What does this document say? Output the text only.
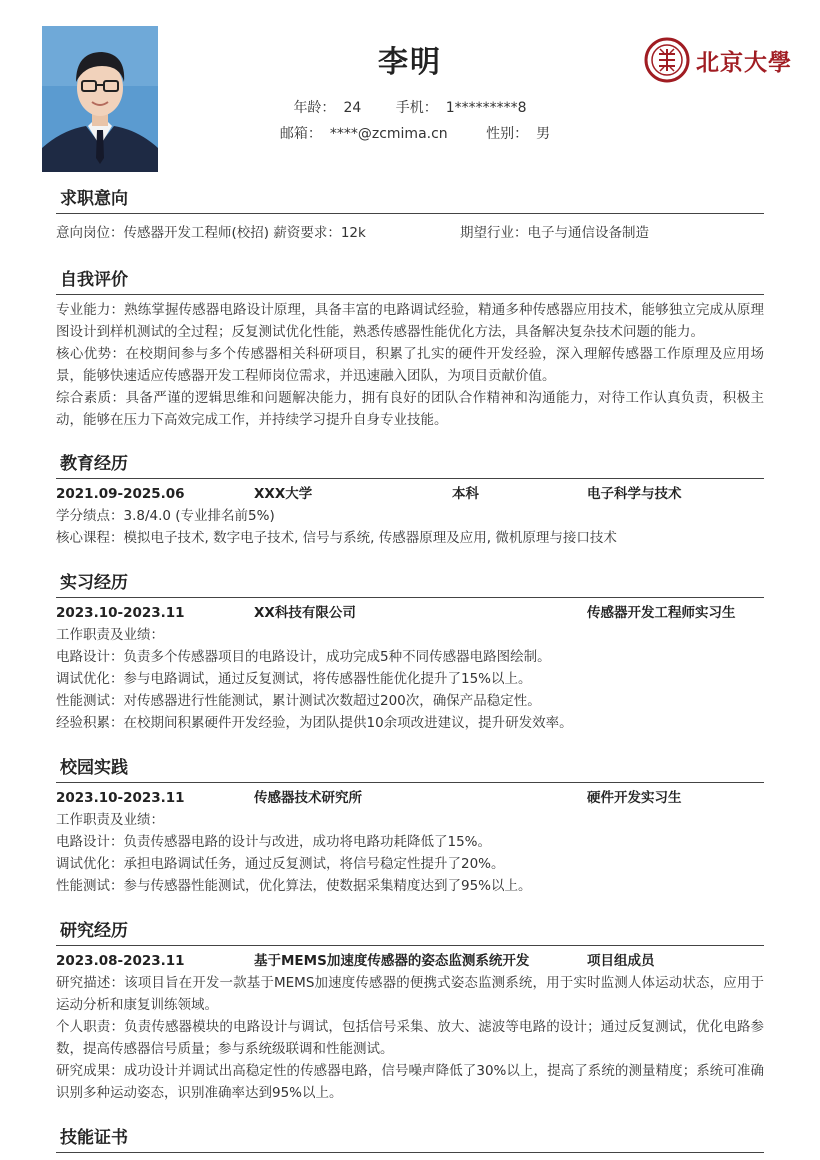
李明
年龄： 24 手机： 1*********8
邮箱： ****@zcmima.cn	性别： 男
北京大學
求职意向
意向岗位：传感器开发工程师(校招) 薪资要求：12k	期望行业：电子与通信设备制造
自我评价
专业能力：熟练掌握传感器电路设计原理，具备丰富的电路调试经验，精通多种传感器应用技术，能够独立完成从原理图设计到样机测试的全过程；反复测试优化性能，熟悉传感器性能优化方法，具备解决复杂技术问题的能力。
核心优势：在校期间参与多个传感器相关科研项目，积累了扎实的硬件开发经验，深入理解传感器工作原理及应用场景，能够快速适应传感器开发工程师岗位需求，并迅速融入团队，为项目贡献价值。
综合素质：具备严谨的逻辑思维和问题解决能力，拥有良好的团队合作精神和沟通能力，对待工作认真负责，积极主动，能够在压力下高效完成工作，并持续学习提升自身专业技能。
教育经历
2021.09-2025.06	XXX大学	本科	电子科学与技术
学分绩点：3.8/4.0 (专业排名前5%)
核心课程：模拟电子技术, 数字电子技术, 信号与系统, 传感器原理及应用, 微机原理与接口技术
实习经历
2023.10-2023.11	XX科技有限公司	传感器开发工程师实习生
工作职责及业绩：
电路设计：负责多个传感器项目的电路设计，成功完成5种不同传感器电路图绘制。
调试优化：参与电路调试，通过反复测试，将传感器性能优化提升了15%以上。
性能测试：对传感器进行性能测试，累计测试次数超过200次，确保产品稳定性。
经验积累：在校期间积累硬件开发经验，为团队提供10余项改进建议，提升研发效率。
校园实践
2023.10-2023.11	传感器技术研究所	硬件开发实习生
工作职责及业绩：
电路设计：负责传感器电路的设计与改进，成功将电路功耗降低了15%。
调试优化：承担电路调试任务，通过反复测试，将信号稳定性提升了20%。
性能测试：参与传感器性能测试，优化算法，使数据采集精度达到了95%以上。
研究经历
2023.08-2023.11	基于MEMS加速度传感器的姿态监测系统开发	项目组成员
研究描述：该项目旨在开发一款基于MEMS加速度传感器的便携式姿态监测系统，用于实时监测人体运动状态，应用于运动分析和康复训练领域。
个人职责：负责传感器模块的电路设计与调试，包括信号采集、放大、滤波等电路的设计；通过反复测试，优化电路参数，提高传感器信号质量；参与系统级联调和性能测试。
研究成果：成功设计并调试出高稳定性的传感器电路，信号噪声降低了30%以上，提高了系统的测量精度；系统可准确识别多种运动姿态，识别准确率达到95%以上。
技能证书
